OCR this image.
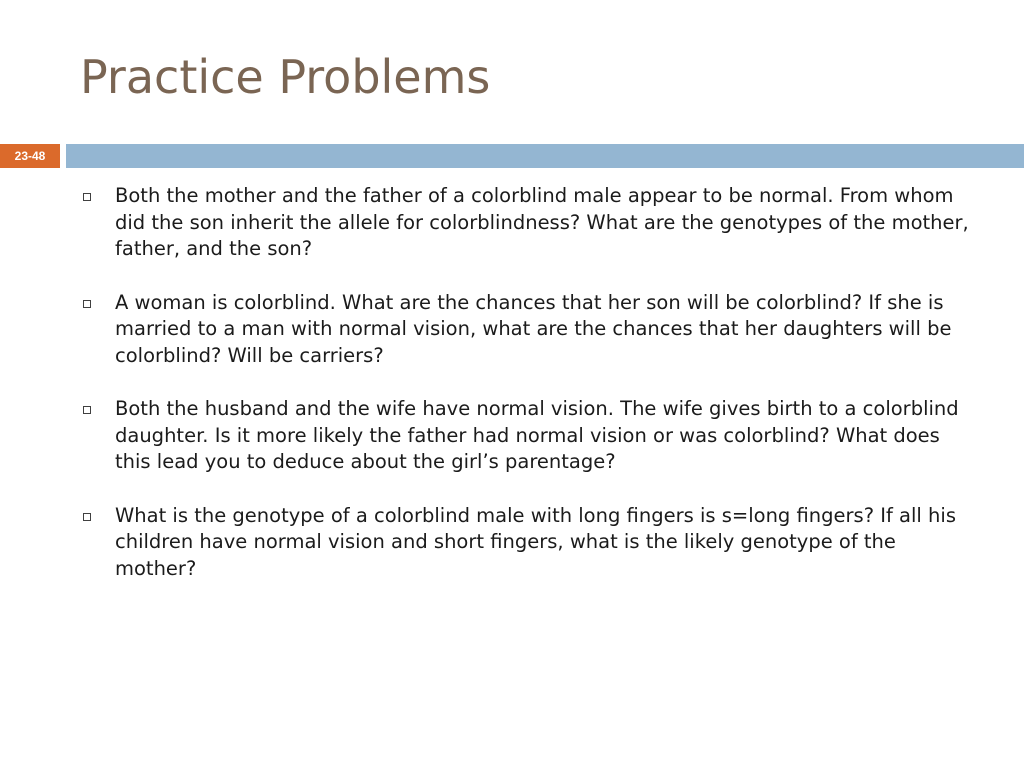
Practice Problems
23-48
Both the mother and the father of a colorblind male appear to be normal. From whom did the son inherit the allele for colorblindness? What are the genotypes of the mother, father, and the son?
A woman is colorblind. What are the chances that her son will be colorblind? If she is married to a man with normal vision, what are the chances that her daughters will be colorblind? Will be carriers?
Both the husband and the wife have normal vision. The wife gives birth to a colorblind daughter. Is it more likely the father had normal vision or was colorblind? What does this lead you to deduce about the girl’s parentage?
What is the genotype of a colorblind male with long fingers is s=long fingers? If all his children have normal vision and short fingers, what is the likely genotype of the mother?
